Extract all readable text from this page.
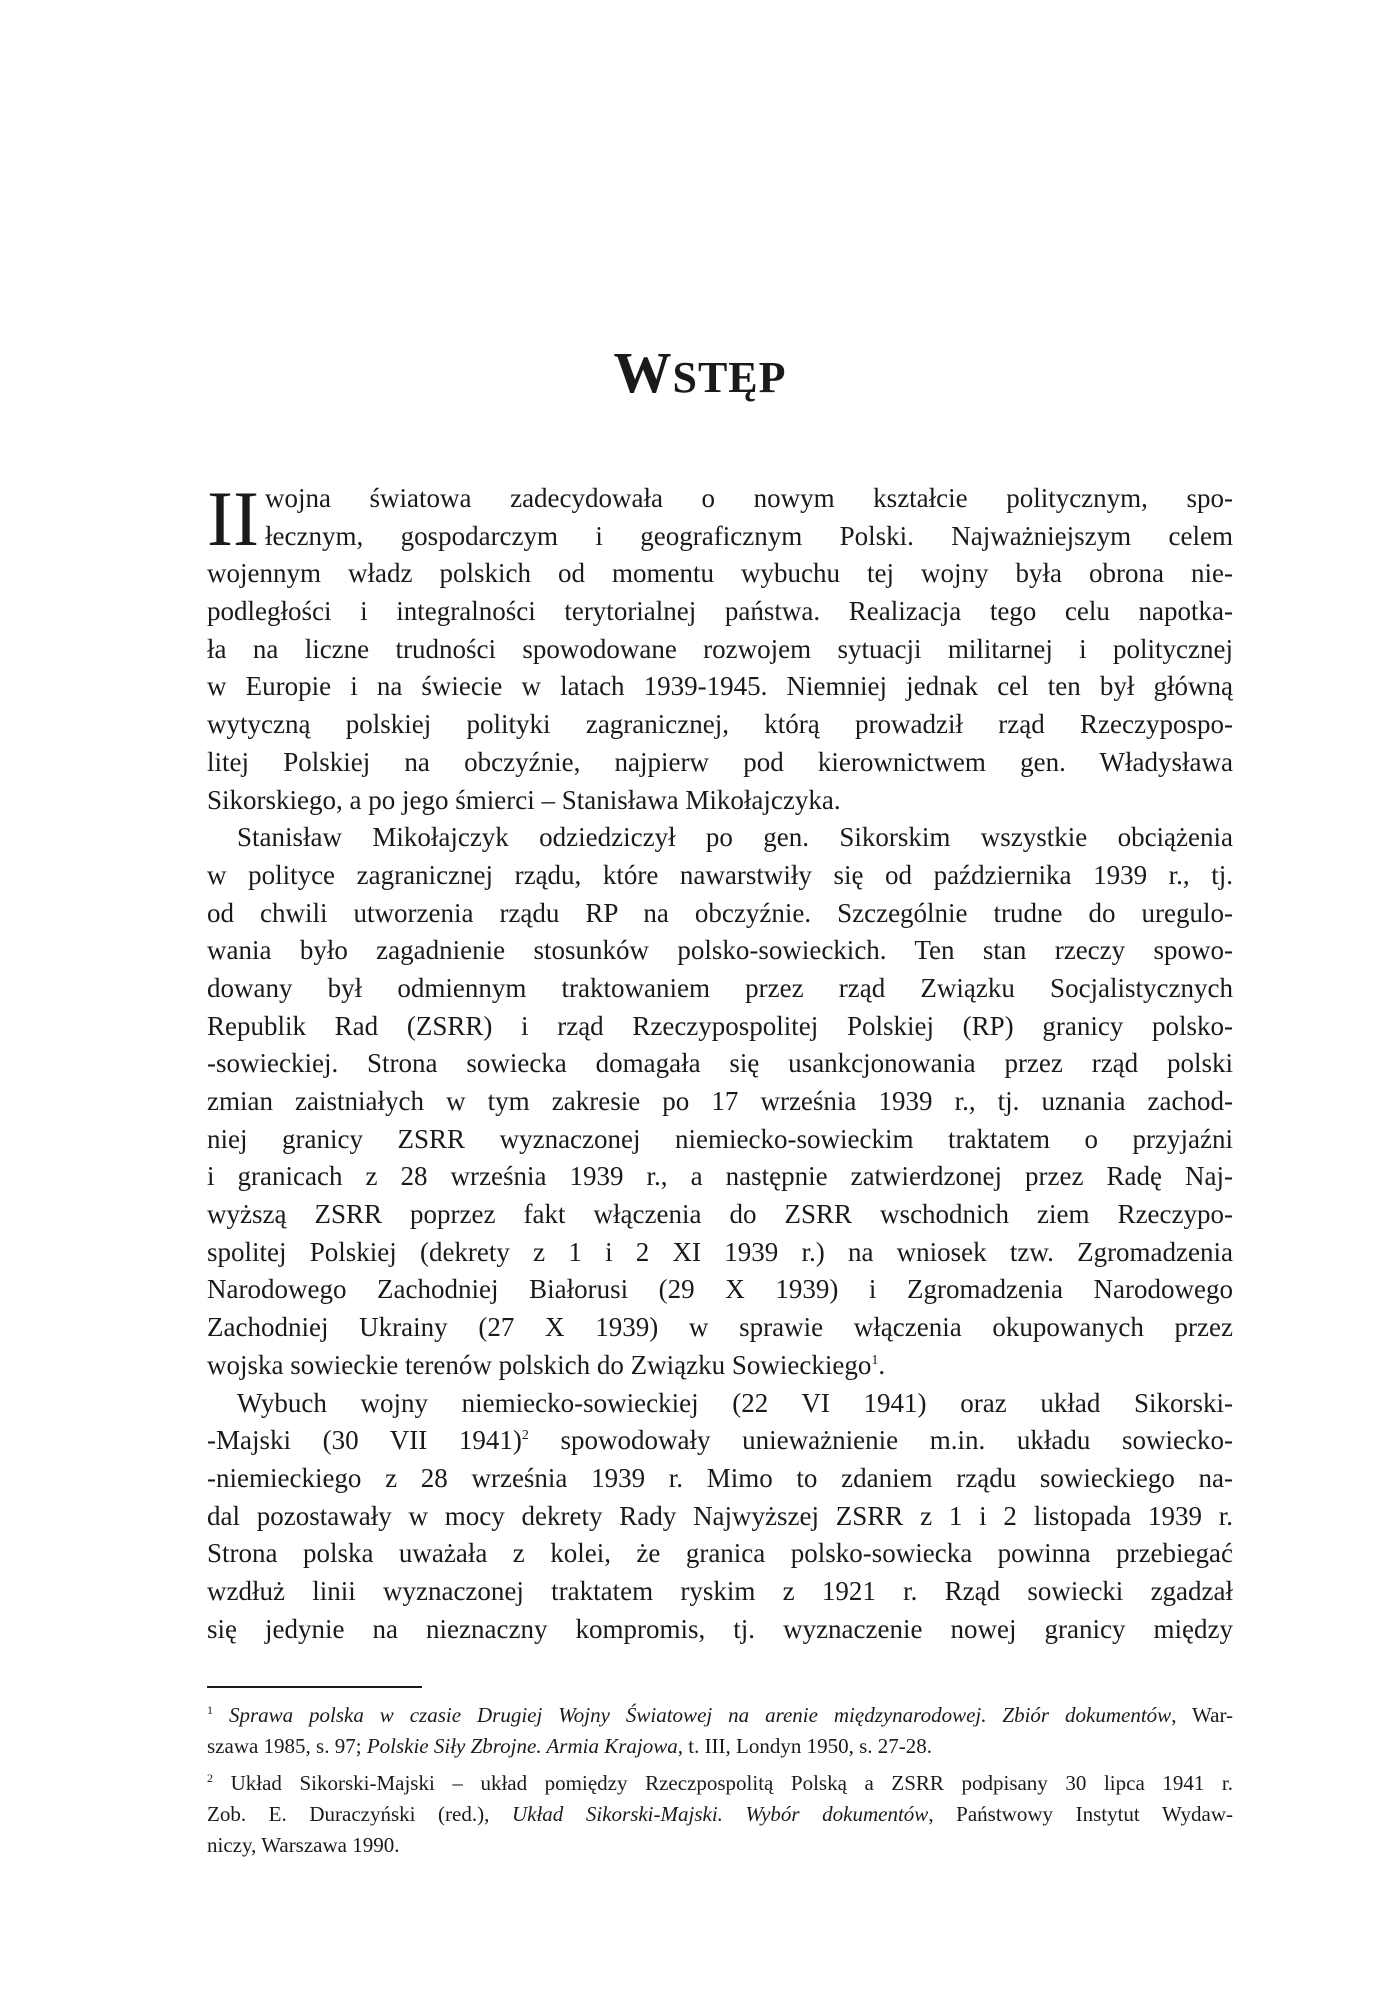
WSTĘP
II wojna światowa zadecydowała o nowym kształcie politycznym, spo-
łecznym, gospodarczym i geograficznym Polski. Najważniejszym celem
wojennym władz polskich od momentu wybuchu tej wojny była obrona nie-
podległości i integralności terytorialnej państwa. Realizacja tego celu napotka-
ła na liczne trudności spowodowane rozwojem sytuacji militarnej i politycznej
w Europie i na świecie w latach 1939-1945. Niemniej jednak cel ten był główną
wytyczną polskiej polityki zagranicznej, którą prowadził rząd Rzeczypospo-
litej Polskiej na obczyźnie, najpierw pod kierownictwem gen. Władysława
Sikorskiego, a po jego śmierci – Stanisława Mikołajczyka.
Stanisław Mikołajczyk odziedziczył po gen. Sikorskim wszystkie obciążenia
w polityce zagranicznej rządu, które nawarstwiły się od października 1939 r., tj.
od chwili utworzenia rządu RP na obczyźnie. Szczególnie trudne do uregulo-
wania było zagadnienie stosunków polsko-sowieckich. Ten stan rzeczy spowo-
dowany był odmiennym traktowaniem przez rząd Związku Socjalistycznych
Republik Rad (ZSRR) i rząd Rzeczypospolitej Polskiej (RP) granicy polsko-
-sowieckiej. Strona sowiecka domagała się usankcjonowania przez rząd polski
zmian zaistniałych w tym zakresie po 17 września 1939 r., tj. uznania zachod-
niej granicy ZSRR wyznaczonej niemiecko-sowieckim traktatem o przyjaźni
i granicach z 28 września 1939 r., a następnie zatwierdzonej przez Radę Naj-
wyższą ZSRR poprzez fakt włączenia do ZSRR wschodnich ziem Rzeczypo-
spolitej Polskiej (dekrety z 1 i 2 XI 1939 r.) na wniosek tzw. Zgromadzenia
Narodowego Zachodniej Białorusi (29 X 1939) i Zgromadzenia Narodowego
Zachodniej Ukrainy (27 X 1939) w sprawie włączenia okupowanych przez
wojska sowieckie terenów polskich do Związku Sowieckiego$^1$.
Wybuch wojny niemiecko-sowieckiej (22 VI 1941) oraz układ Sikorski-
-Majski (30 VII 1941)$^2$ spowodowały unieważnienie m.in. układu sowiecko-
-niemieckiego z 28 września 1939 r. Mimo to zdaniem rządu sowieckiego na-
dal pozostawały w mocy dekrety Rady Najwyższej ZSRR z 1 i 2 listopada 1939 r.
Strona polska uważała z kolei, że granica polsko-sowiecka powinna przebiegać
wzdłuż linii wyznaczonej traktatem ryskim z 1921 r. Rząd sowiecki zgadzał
się jedynie na nieznaczny kompromis, tj. wyznaczenie nowej granicy między
$^1$ Sprawa polska w czasie Drugiej Wojny Światowej na arenie międzynarodowej. Zbiór dokumentów, War-
szawa 1985, s. 97; Polskie Siły Zbrojne. Armia Krajowa, t. III, Londyn 1950, s. 27-28.
$^2$ Układ Sikorski-Majski – układ pomiędzy Rzeczpospolitą Polską a ZSRR podpisany 30 lipca 1941 r.
Zob. E. Duraczyński (red.), Układ Sikorski-Majski. Wybór dokumentów, Państwowy Instytut Wydaw-
niczy, Warszawa 1990.
